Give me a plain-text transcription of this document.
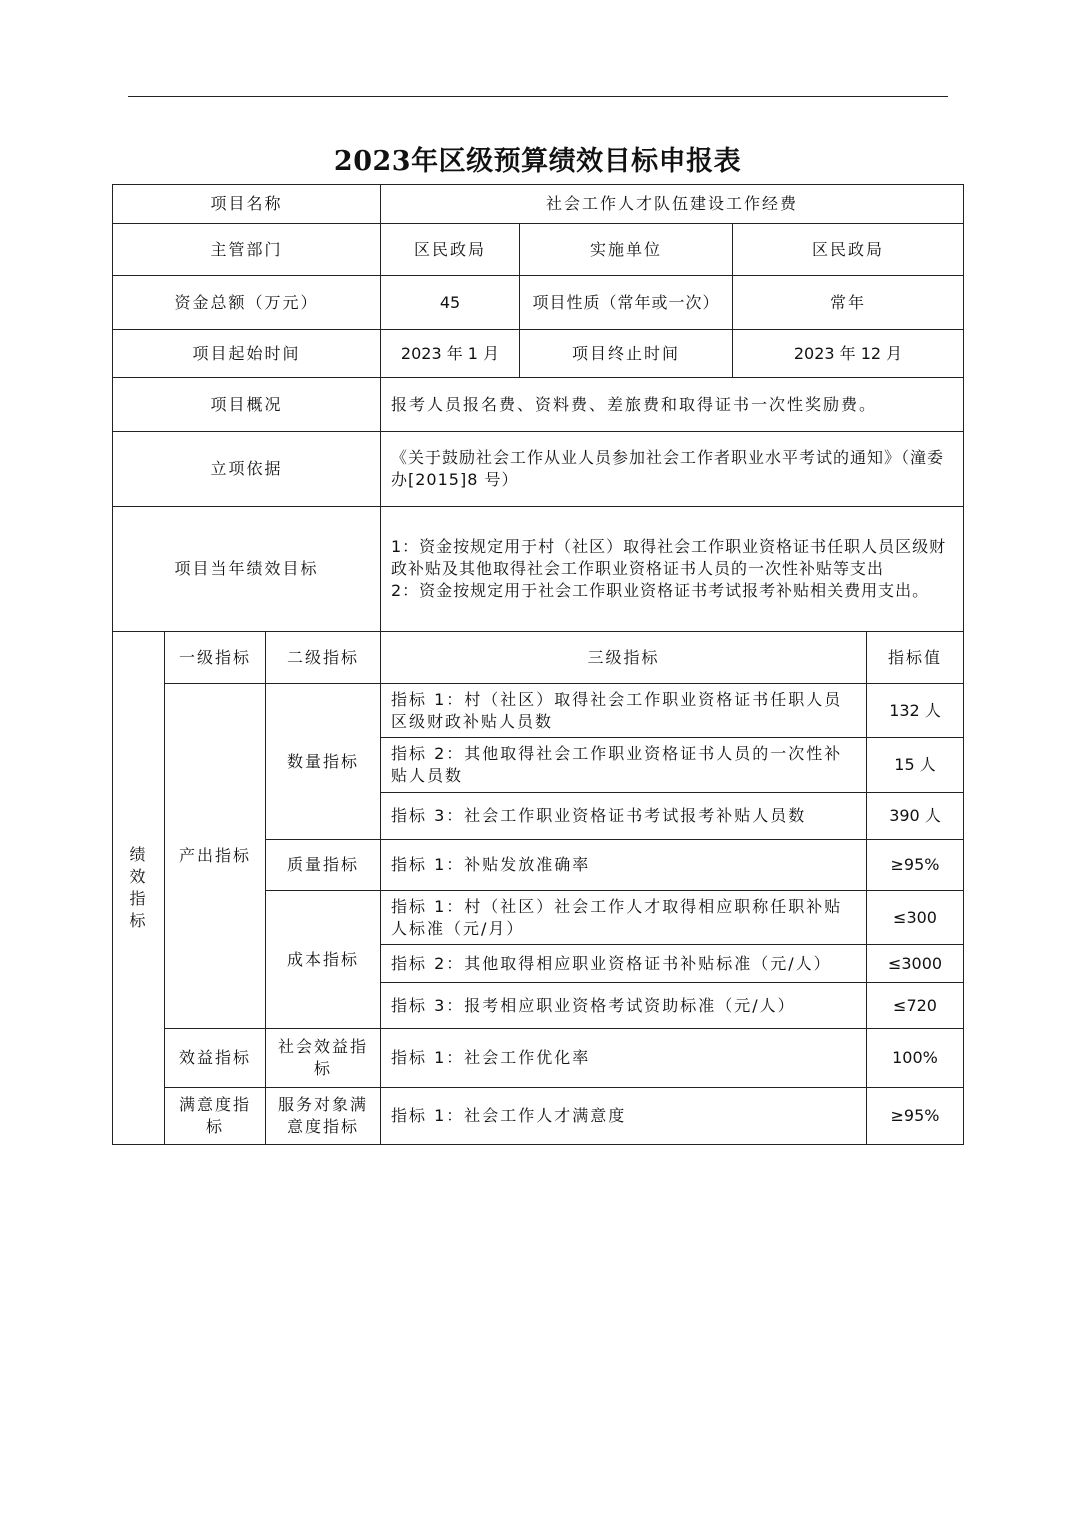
2023年区级预算绩效目标申报表
项目名称			社会工作人才队伍建设工作经费			
主管部门			区民政局	实施单位	区民政局	
资金总额（万元）			45	项目性质（常年或一次）	常年	
项目起始时间			2023 年 1 月	项目终止时间	2023 年 12 月	
项目概况			报考人员报名费、资料费、差旅费和取得证书一次性奖励费。			
立项依据			《关于鼓励社会工作从业人员参加社会工作者职业水平考试的通知》（潼委办[2015]8 号）			
项目当年绩效目标			1：资金按规定用于村（社区）取得社会工作职业资格证书任职人员区级财政补贴及其他取得社会工作职业资格证书人员的一次性补贴等支出
2：资金按规定用于社会工作职业资格证书考试报考补贴相关费用支出。			

绩效指标	一级指标	二级指标	三级指标			指标值
	产出指标	数量指标	指标 1：村（社区）取得社会工作职业资格证书任职人员区级财政补贴人员数			132 人
			指标 2：其他取得社会工作职业资格证书人员的一次性补贴人员数			15 人
			指标 3：社会工作职业资格证书考试报考补贴人员数			390 人
		质量指标	指标 1：补贴发放准确率			≥95%
		成本指标	指标 1：村（社区）社会工作人才取得相应职称任职补贴人标准（元/月）			≤300
			指标 2：其他取得相应职业资格证书补贴标准（元/人）			≤3000
			指标 3：报考相应职业资格考试资助标准（元/人）			≤720
	效益指标	社会效益指标	指标 1：社会工作优化率			100%
	满意度指标	服务对象满意度指标	指标 1：社会工作人才满意度			≥95%
